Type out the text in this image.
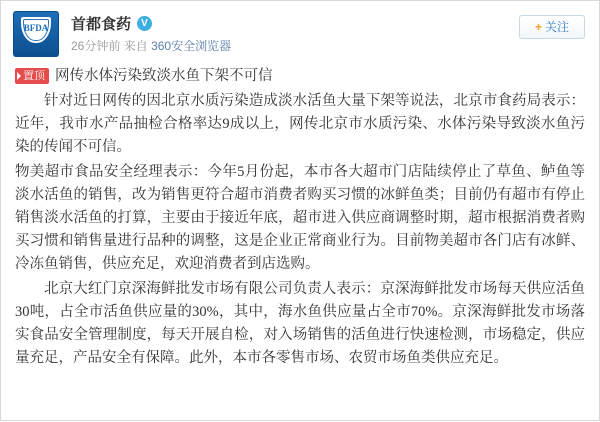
BFDA	首都食药	V
26分钟前 来自 360安全浏览器
+ 关注
置顶 网传水体污染致淡水鱼下架不可信

针对近日网传的因北京水质污染造成淡水活鱼大量下架等说法，北京市食药局表示：近年，我市水产品抽检合格率达9成以上，网传北京市水质污染、水体污染导致淡水鱼污染的传闻不可信。

物美超市食品安全经理表示：今年5月份起，本市各大超市门店陆续停止了草鱼、鲈鱼等淡水活鱼的销售，改为销售更符合超市消费者购买习惯的冰鲜鱼类；目前仍有超市有停止销售淡水活鱼的打算，主要由于接近年底，超市进入供应商调整时期，超市根据消费者购买习惯和销售量进行品种的调整，这是企业正常商业行为。目前物美超市各门店有冰鲜、冷冻鱼销售，供应充足，欢迎消费者到店选购。

北京大红门京深海鲜批发市场有限公司负责人表示：京深海鲜批发市场每天供应活鱼30吨，占全市活鱼供应量的30%，其中，海水鱼供应量占全市70%。京深海鲜批发市场落实食品安全管理制度，每天开展自检，对入场销售的活鱼进行快速检测，市场稳定，供应量充足，产品安全有保障。此外，本市各零售市场、农贸市场鱼类供应充足。
